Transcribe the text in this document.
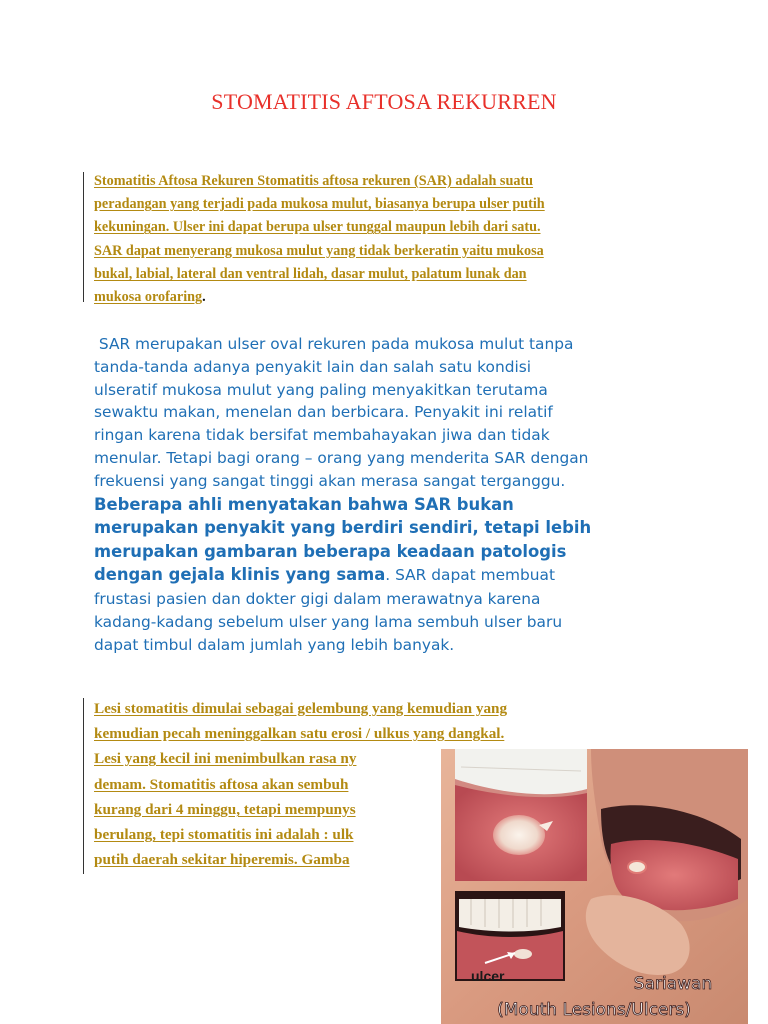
STOMATITIS AFTOSA REKURREN
Stomatitis Aftosa Rekuren Stomatitis aftosa rekuren (SAR) adalah suatu
peradangan yang terjadi pada mukosa mulut, biasanya berupa ulser putih
kekuningan. Ulser ini dapat berupa ulser tunggal maupun lebih dari satu.
SAR dapat menyerang mukosa mulut yang tidak berkeratin yaitu mukosa
bukal, labial, lateral dan ventral lidah, dasar mulut, palatum lunak dan
mukosa orofaring.
SAR merupakan ulser oval rekuren pada mukosa mulut tanpa
tanda-tanda adanya penyakit lain dan salah satu kondisi
ulseratif mukosa mulut yang paling menyakitkan terutama
sewaktu makan, menelan dan berbicara. Penyakit ini relatif
ringan karena tidak bersifat membahayakan jiwa dan tidak
menular. Tetapi bagi orang – orang yang menderita SAR dengan
frekuensi yang sangat tinggi akan merasa sangat terganggu.
Beberapa ahli menyatakan bahwa SAR bukan
merupakan penyakit yang berdiri sendiri, tetapi lebih
merupakan gambaran beberapa keadaan patologis
dengan gejala klinis yang sama. SAR dapat membuat
frustasi pasien dan dokter gigi dalam merawatnya karena
kadang-kadang sebelum ulser yang lama sembuh ulser baru
dapat timbul dalam jumlah yang lebih banyak.
Lesi stomatitis dimulai sebagai gelembung yang kemudian yang
kemudian pecah meninggalkan satu erosi / ulkus yang dangkal.
Lesi yang kecil ini menimbulkan rasa ny
demam. Stomatitis aftosa akan sembuh
kurang dari 4 minggu, tetapi mempunys
berulang, tepi stomatitis ini adalah : ulk
putih daerah sekitar hiperemis. Gamba
ulcer	Sariawan
(Mouth Lesions/Ulcers)
